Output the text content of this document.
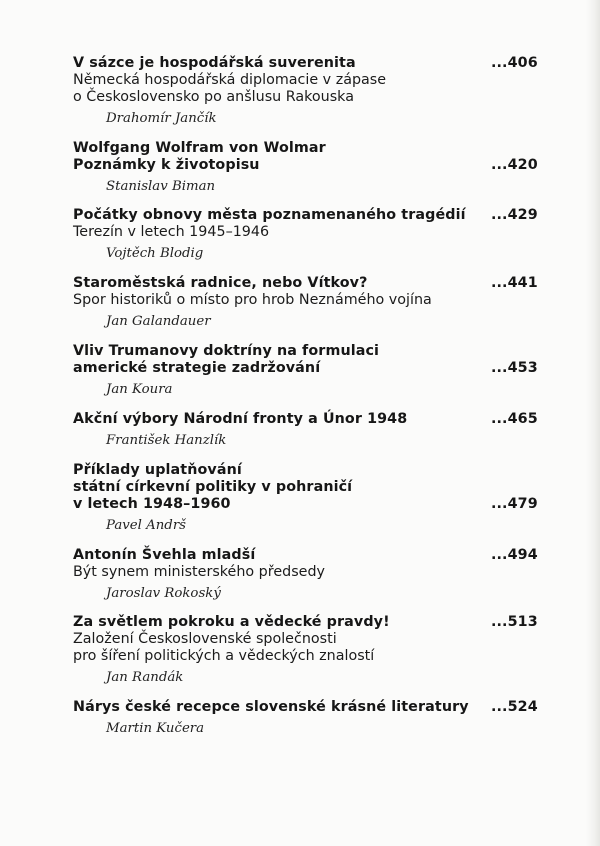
V sázce je hospodářská suverenita	...406
Německá hospodářská diplomacie v zápase
o Československo po anšlusu Rakouska
Drahomír Jančík
Wolfgang Wolfram von Wolmar
Poznámky k životopisu	...420
Stanislav Biman
Počátky obnovy města poznamenaného tragédií ...429
Terezín v letech 1945–1946
Vojtěch Blodig
Staroměstská radnice, nebo Vítkov?	...441
Spor historiků o místo pro hrob Neznámého vojína
Jan Galandauer
Vliv Trumanovy doktríny na formulaci
americké strategie zadržování	...453
Jan Koura
Akční výbory Národní fronty a Únor 1948	...465
František Hanzlík
Příklady uplatňování
státní církevní politiky v pohraničí
v letech 1948–1960	...479
Pavel Andrš
Antonín Švehla mladší	...494
Být synem ministerského předsedy
Jaroslav Rokoský
Za světlem pokroku a vědecké pravdy!	...513
Založení Československé společnosti
pro šíření politických a vědeckých znalostí
Jan Randák
Nárys české recepce slovenské krásné literatury ...524
Martin Kučera
